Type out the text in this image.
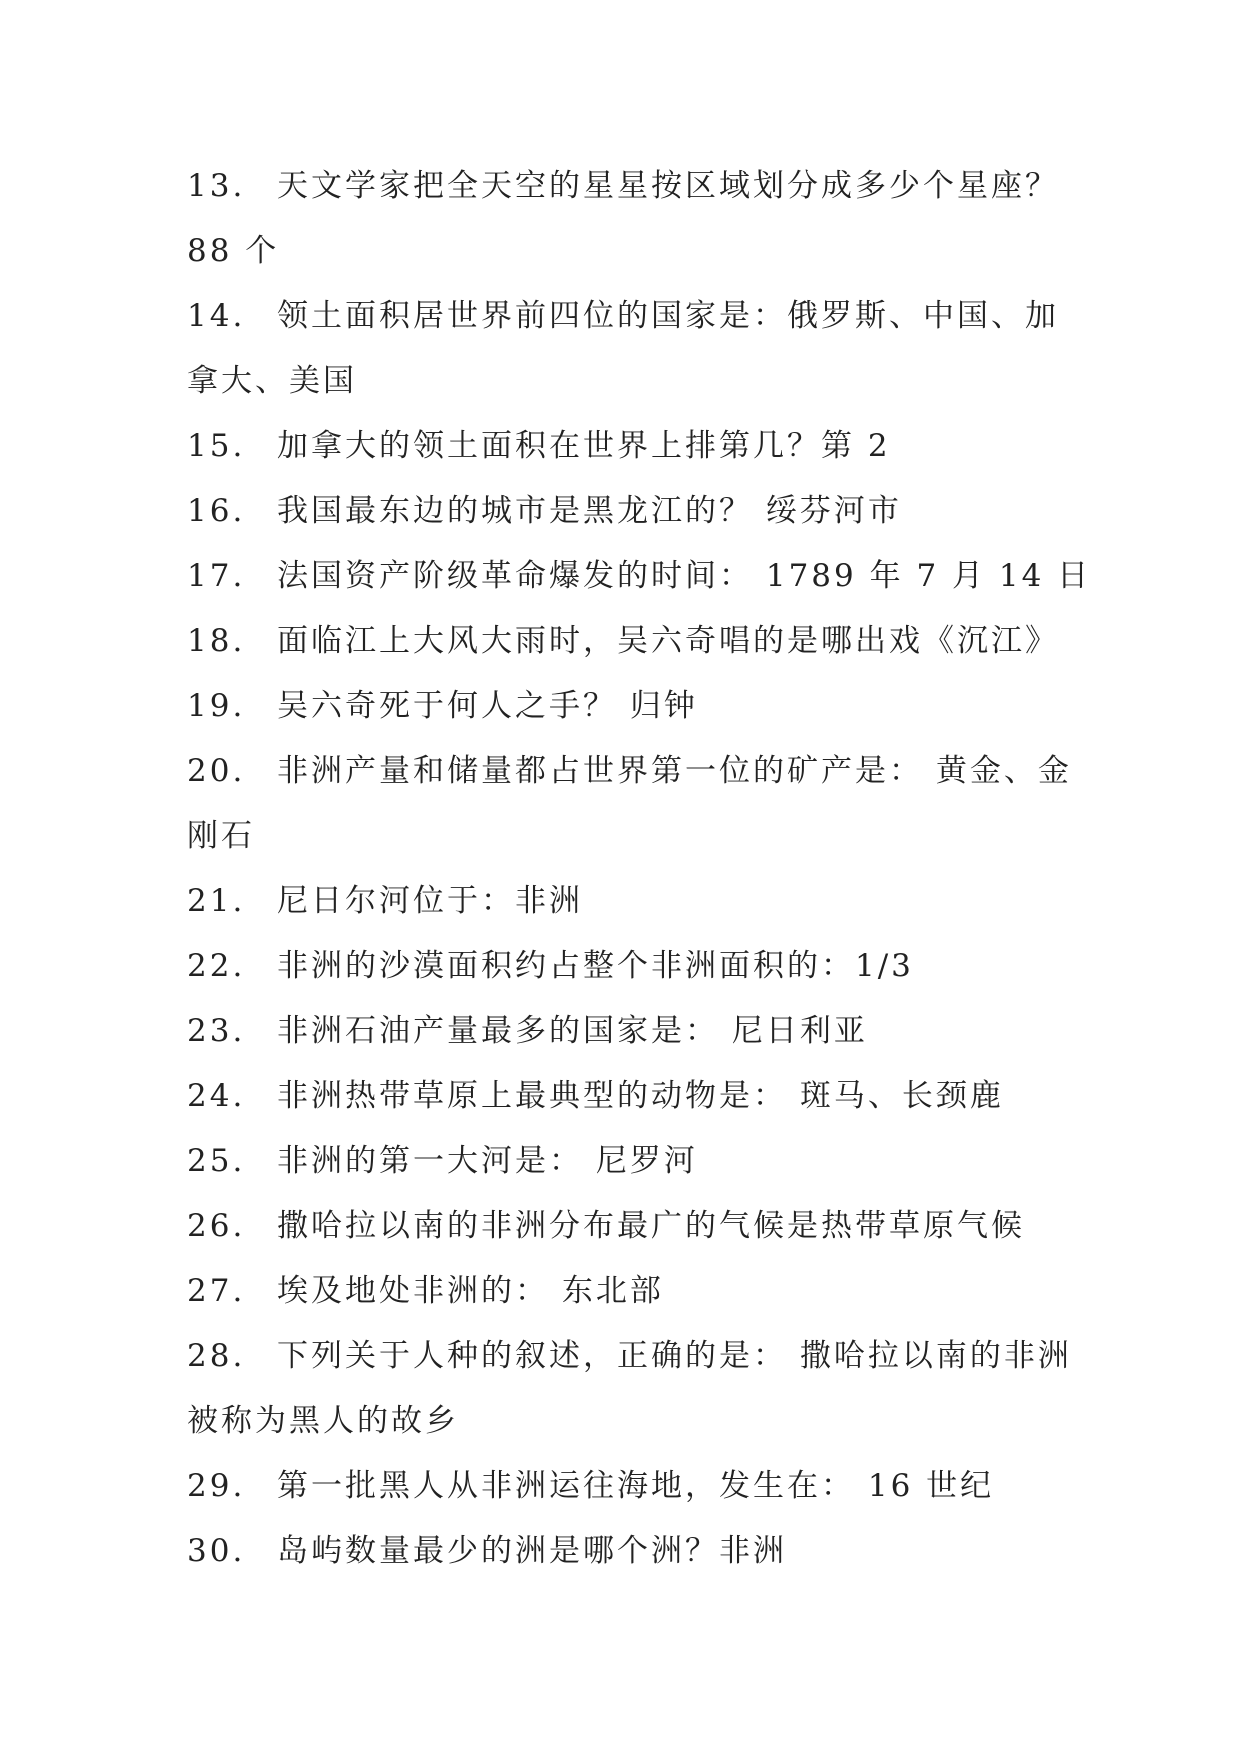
13. 天文学家把全天空的星星按区域划分成多少个星座？
88 个
14. 领土面积居世界前四位的国家是：俄罗斯、中国、加
拿大、美国
15. 加拿大的领土面积在世界上排第几？第 2
16. 我国最东边的城市是黑龙江的？ 绥芬河市
17. 法国资产阶级革命爆发的时间： 1789 年 7 月 14 日
18. 面临江上大风大雨时，吴六奇唱的是哪出戏《沉江》
19. 吴六奇死于何人之手？ 归钟
20. 非洲产量和储量都占世界第一位的矿产是： 黄金、金
刚石
21. 尼日尔河位于：非洲
22. 非洲的沙漠面积约占整个非洲面积的：1/3
23. 非洲石油产量最多的国家是： 尼日利亚
24. 非洲热带草原上最典型的动物是： 斑马、长颈鹿
25. 非洲的第一大河是： 尼罗河
26. 撒哈拉以南的非洲分布最广的气候是热带草原气候
27. 埃及地处非洲的： 东北部
28. 下列关于人种的叙述，正确的是： 撒哈拉以南的非洲
被称为黑人的故乡
29. 第一批黑人从非洲运往海地，发生在： 16 世纪
30. 岛屿数量最少的洲是哪个洲？非洲
